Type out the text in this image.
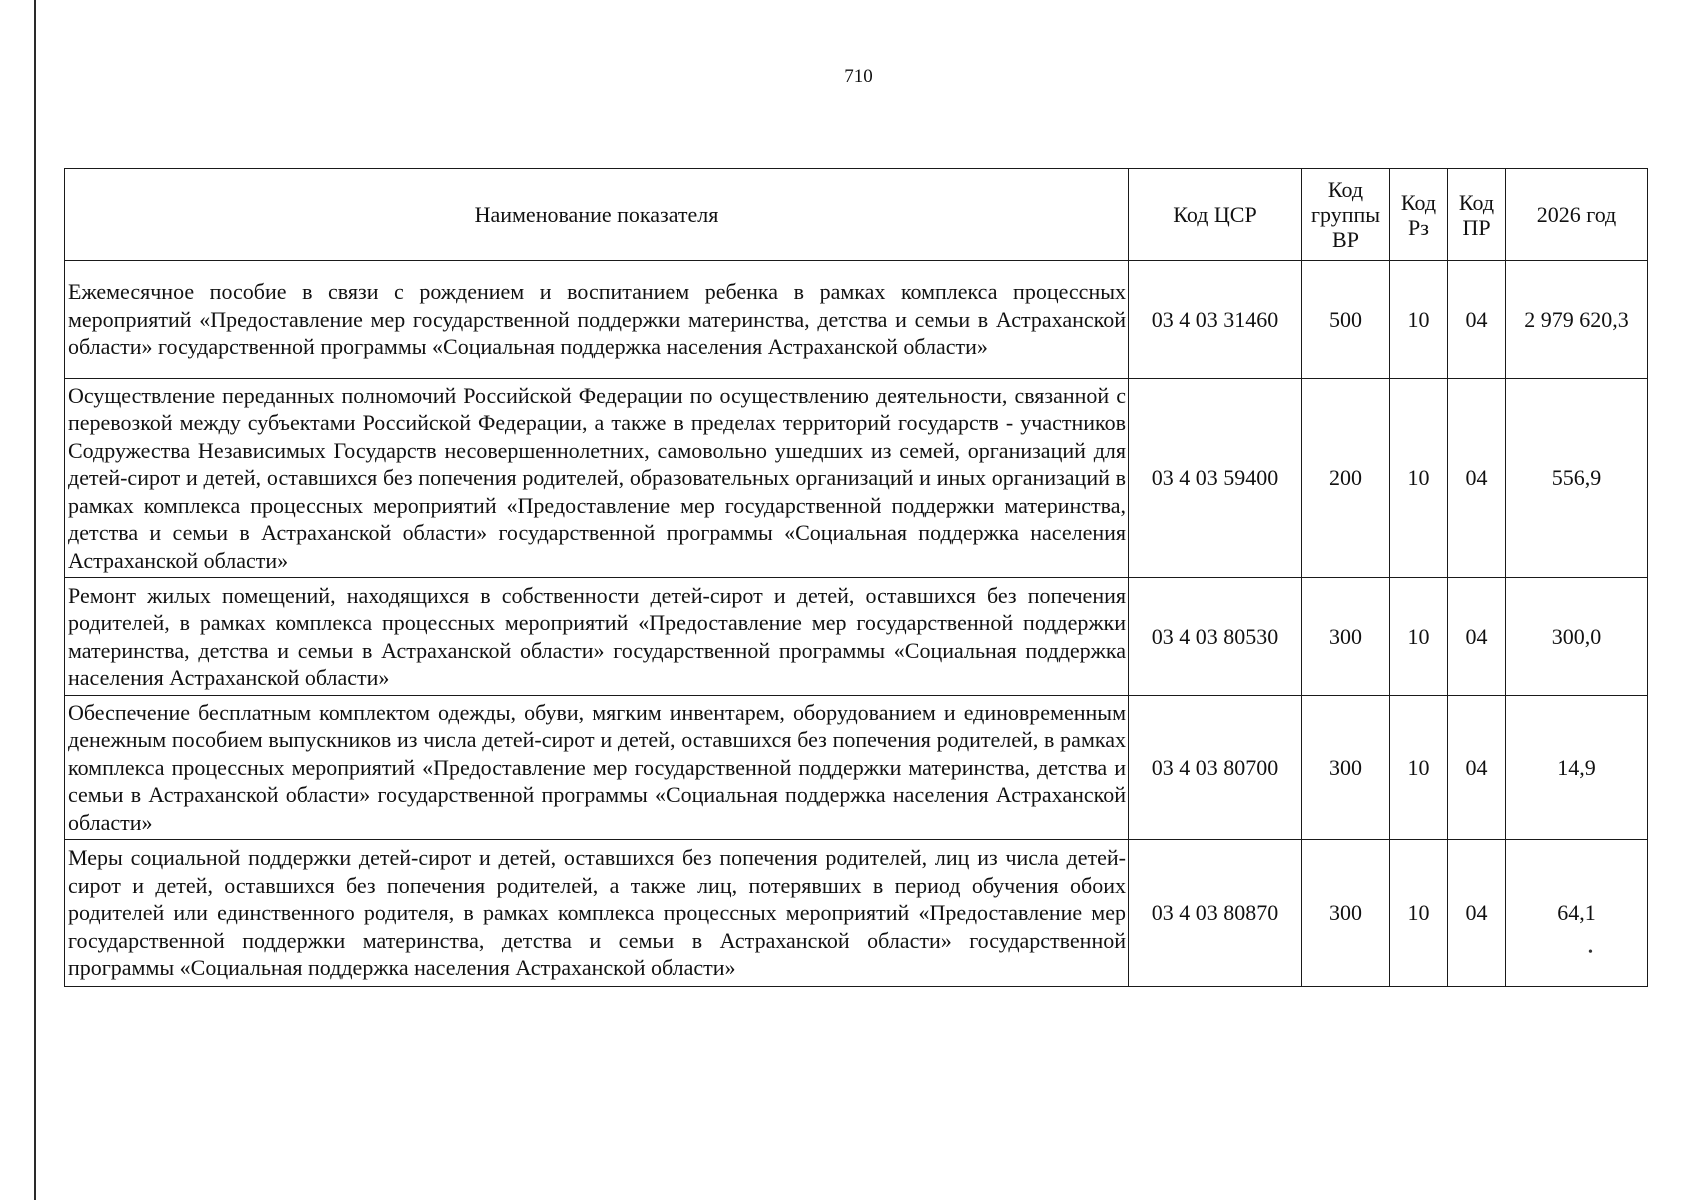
710
Наименование показателя	Код ЦСР	Код группы ВР	Код Рз	Код ПР	2026 год
Ежемесячное пособие в связи с рождением и воспитанием ребенка в рамках комплекса процессных мероприятий «Предоставление мер государственной поддержки материнства, детства и семьи в Астраханской области» государственной программы «Социальная поддержка населения Астраханской области»	03 4 03 31460	500	10	04	2 979 620,3
Осуществление переданных полномочий Российской Федерации по осуществлению деятельности, связанной с перевозкой между субъектами Российской Федерации, а также в пределах территорий государств - участников Содружества Независимых Государств несовершеннолетних, самовольно ушедших из семей, организаций для детей-сирот и детей, оставшихся без попечения родителей, образовательных организаций и иных организаций в рамках комплекса процессных мероприятий «Предоставление мер государственной поддержки материнства, детства и семьи в Астраханской области» государственной программы «Социальная поддержка населения Астраханской области»	03 4 03 59400	200	10	04	556,9
Ремонт жилых помещений, находящихся в собственности детей-сирот и детей, оставшихся без попечения родителей, в рамках комплекса процессных мероприятий «Предоставление мер государственной поддержки материнства, детства и семьи в Астраханской области» государственной программы «Социальная поддержка населения Астраханской области»	03 4 03 80530	300	10	04	300,0
Обеспечение бесплатным комплектом одежды, обуви, мягким инвентарем, оборудованием и единовременным денежным пособием выпускников из числа детей-сирот и детей, оставшихся без попечения родителей, в рамках комплекса процессных мероприятий «Предоставление мер государственной поддержки материнства, детства и семьи в Астраханской области» государственной программы «Социальная поддержка населения Астраханской области»	03 4 03 80700	300	10	04	14,9
Меры социальной поддержки детей-сирот и детей, оставшихся без попечения родителей, лиц из числа детей-сирот и детей, оставшихся без попечения родителей, а также лиц, потерявших в период обучения обоих родителей или единственного родителя, в рамках комплекса процессных мероприятий «Предоставление мер государственной поддержки материнства, детства и семьи в Астраханской области» государственной программы «Социальная поддержка населения Астраханской области»	03 4 03 80870	300	10	04	64,1
•
